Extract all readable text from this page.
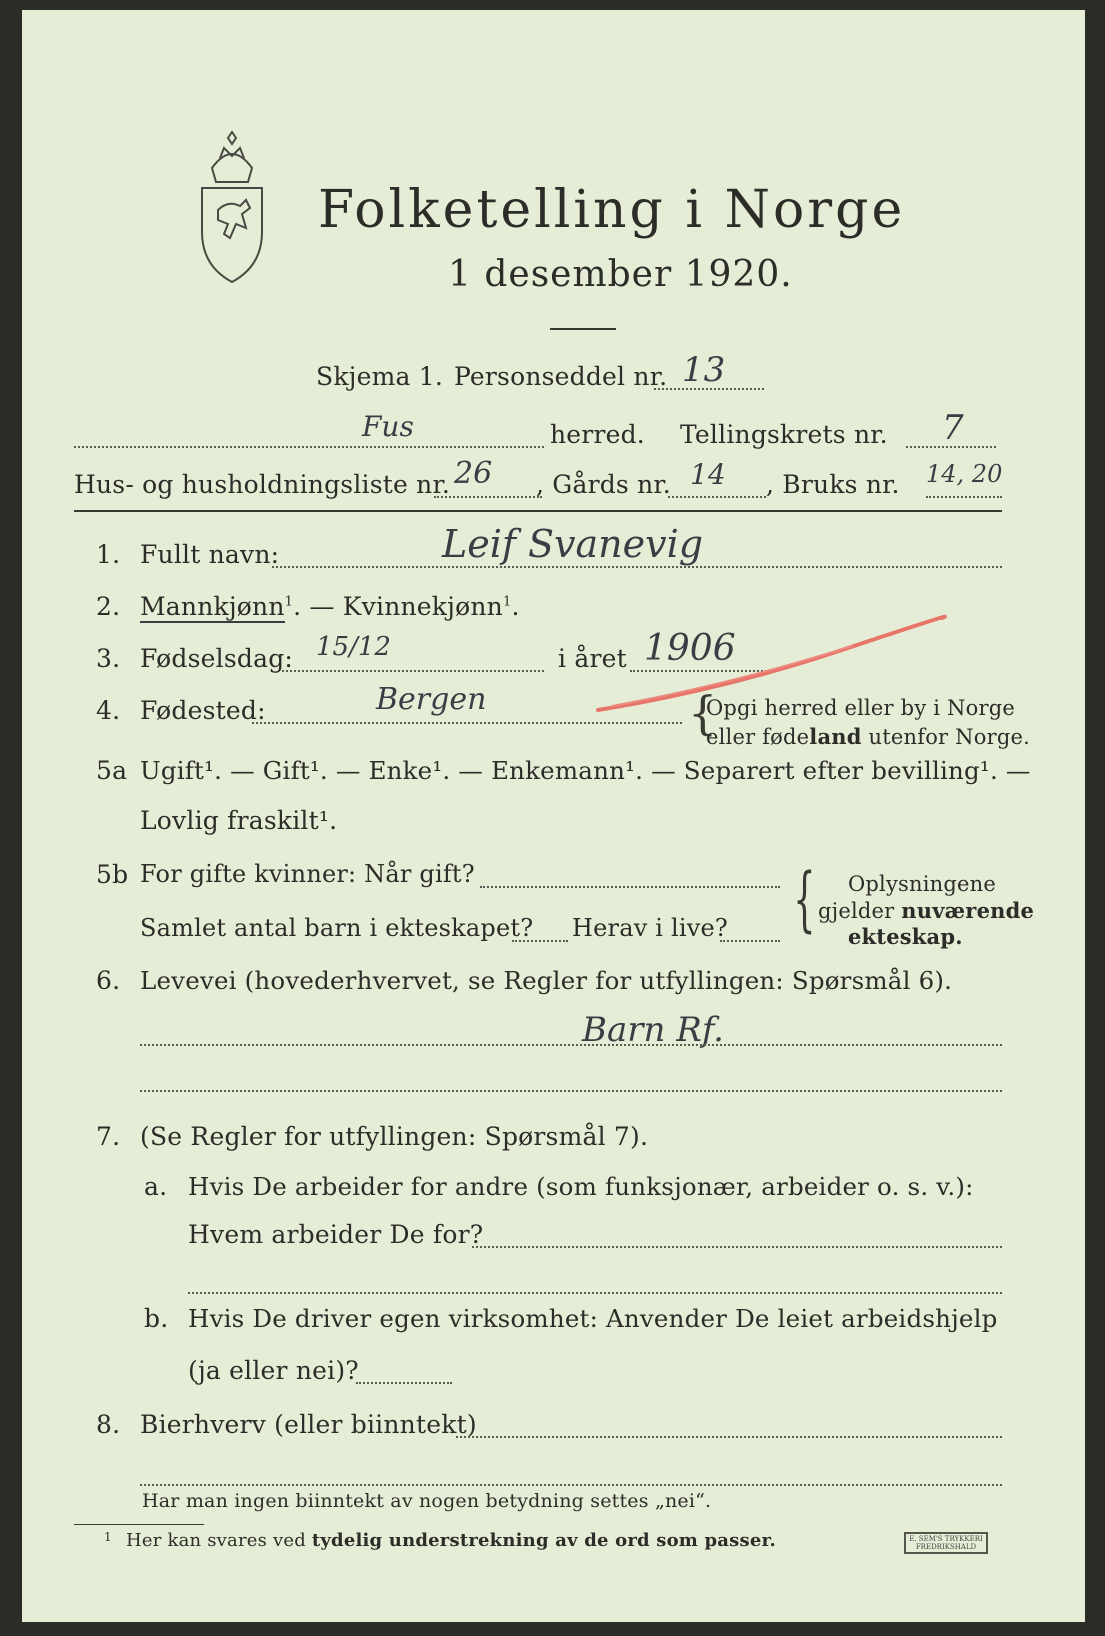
Folketelling i Norge
1 desember 1920.
Skjema 1. Personseddel nr. 13
Fus	herred. Tellingskrets nr. 7
Hus- og husholdningsliste nr. 26 , Gårds nr. 14 , Bruks nr. 14, 20
1. Fullt navn:	Leif Svanevig
2. Mannkjønn$^1$. — Kvinnekjønn$^1$.
3. Fødselsdag: 15/12	i året 1906
4. Fødested:	Bergen	{
Opgi herred eller by i Norge
eller fødeland utenfor Norge.
5a Ugift¹. — Gift¹. — Enke¹. — Enkemann¹. — Separert efter bevilling¹. —
Lovlig fraskilt¹.
5b For gifte kvinner: Når gift?
Samlet antal barn i ekteskapet? Herav i live? { Oplysningene
gjelder nuværende
ekteskap.
6. Levevei (hovederhvervet, se Regler for utfyllingen: Spørsmål 6).
Barn Rf.
7. (Se Regler for utfyllingen: Spørsmål 7).
a. Hvis De arbeider for andre (som funksjonær, arbeider o. s. v.):
Hvem arbeider De for?
b. Hvis De driver egen virksomhet: Anvender De leiet arbeidshjelp
(ja eller nei)?
8. Bierhverv (eller biinntekt)
Har man ingen biinntekt av nogen betydning settes „nei“.
1 Her kan svares ved tydelig understrekning av de ord som passer.	E. SEM'S TRYKKERI FREDRIKSHALD
